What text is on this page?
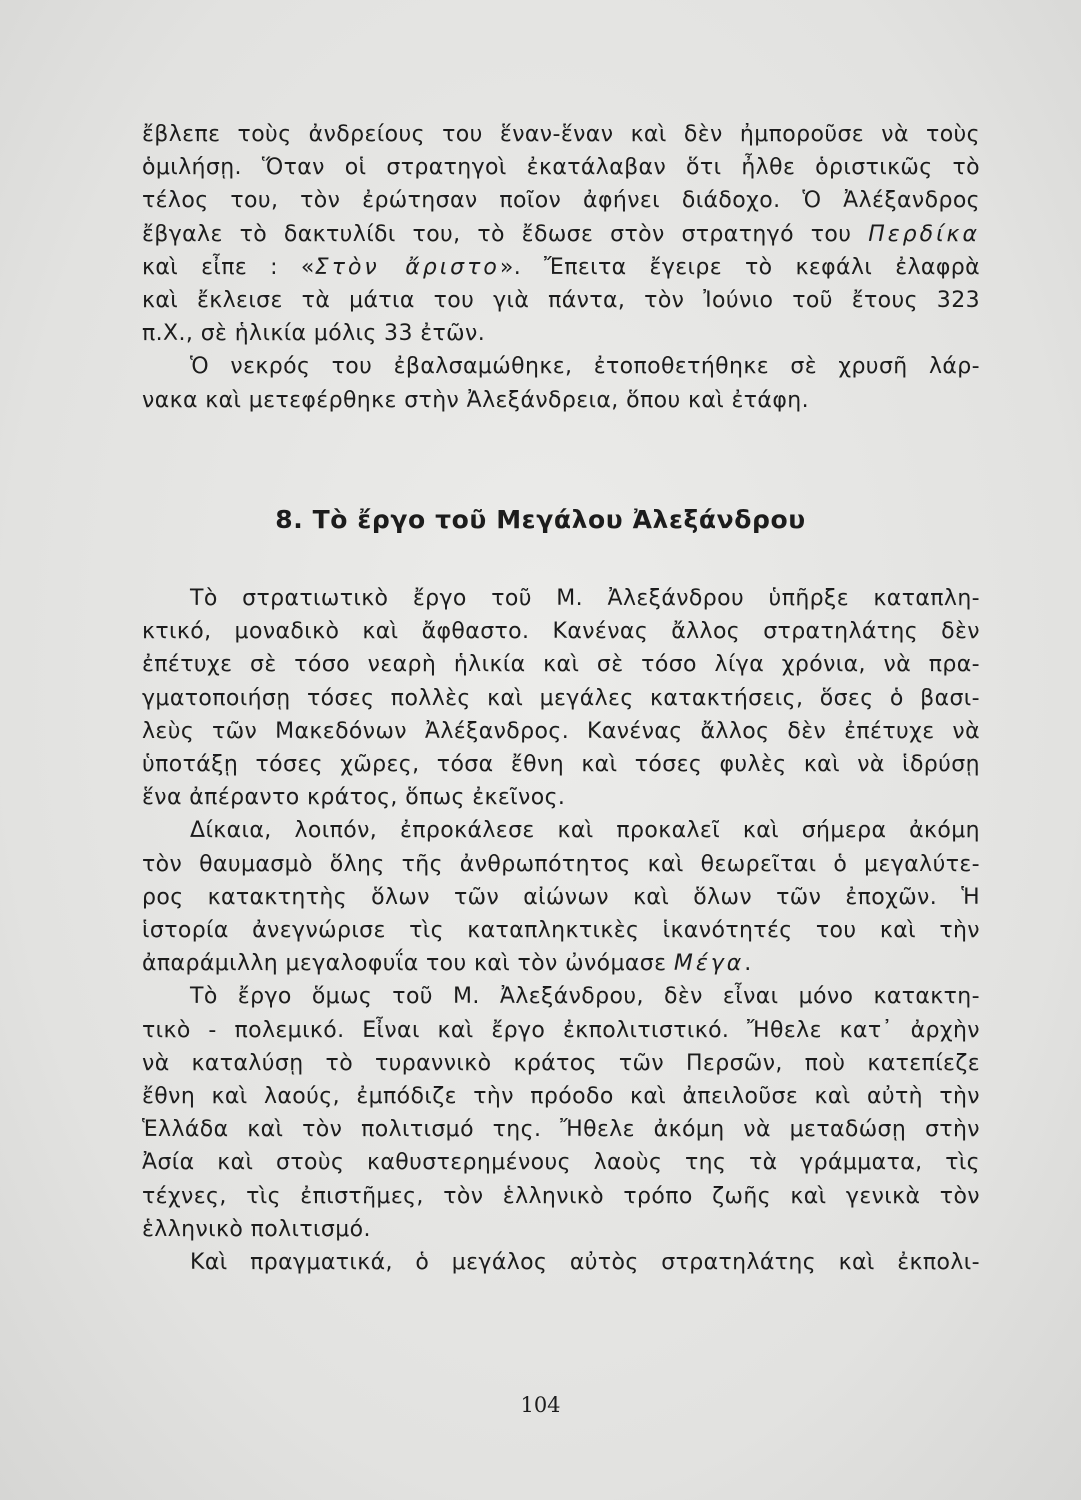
ἔβλεπε τοὺς ἀνδρείους του ἕναν-ἕναν καὶ δὲν ἠμποροῦσε νὰ τοὺς
ὁμιλήσῃ. Ὅταν οἱ στρατηγοὶ ἐκατάλαβαν ὅτι ἦλθε ὁριστικῶς τὸ
τέλος του, τὸν ἐρώτησαν ποῖον ἀφήνει διάδοχο. Ὁ Ἀλέξανδρος
ἔβγαλε τὸ δακτυλίδι του, τὸ ἔδωσε στὸν στρατηγό του Περδίκα
καὶ εἶπε : «Στὸν ἄριστο». Ἔπειτα ἔγειρε τὸ κεφάλι ἐλαφρὰ
καὶ ἔκλεισε τὰ μάτια του γιὰ πάντα, τὸν Ἰούνιο τοῦ ἔτους 323
π.Χ., σὲ ἡλικία μόλις 33 ἐτῶν.
Ὁ νεκρός του ἐβαλσαμώθηκε, ἐτοποθετήθηκε σὲ χρυσῆ λάρ-
νακα καὶ μετεφέρθηκε στὴν Ἀλεξάνδρεια, ὅπου καὶ ἐτάφη.
8. Τὸ ἔργο τοῦ Μεγάλου Ἀλεξάνδρου
Τὸ στρατιωτικὸ ἔργο τοῦ Μ. Ἀλεξάνδρου ὑπῆρξε καταπλη-
κτικό, μοναδικὸ καὶ ἄφθαστο. Κανένας ἄλλος στρατηλάτης δὲν
ἐπέτυχε σὲ τόσο νεαρὴ ἡλικία καὶ σὲ τόσο λίγα χρόνια, νὰ πρα-
γματοποιήσῃ τόσες πολλὲς καὶ μεγάλες κατακτήσεις, ὅσες ὁ βασι-
λεὺς τῶν Μακεδόνων Ἀλέξανδρος. Κανένας ἄλλος δὲν ἐπέτυχε νὰ
ὑποτάξῃ τόσες χῶρες, τόσα ἔθνη καὶ τόσες φυλὲς καὶ νὰ ἱδρύσῃ
ἕνα ἀπέραντο κράτος, ὅπως ἐκεῖνος.
Δίκαια, λοιπόν, ἐπροκάλεσε καὶ προκαλεῖ καὶ σήμερα ἀκόμη
τὸν θαυμασμὸ ὅλης τῆς ἀνθρωπότητος καὶ θεωρεῖται ὁ μεγαλύτε-
ρος κατακτητὴς ὅλων τῶν αἰώνων καὶ ὅλων τῶν ἐποχῶν. Ἡ
ἱστορία ἀνεγνώρισε τὶς καταπληκτικὲς ἱκανότητές του καὶ τὴν
ἀπαράμιλλη μεγαλοφυΐα του καὶ τὸν ὠνόμασε Μέγα.
Τὸ ἔργο ὅμως τοῦ Μ. Ἀλεξάνδρου, δὲν εἶναι μόνο κατακτη-
τικὸ - πολεμικό. Εἶναι καὶ ἔργο ἐκπολιτιστικό. Ἤθελε κατ᾽ ἀρχὴν
νὰ καταλύσῃ τὸ τυραννικὸ κράτος τῶν Περσῶν, ποὺ κατεπίεζε
ἔθνη καὶ λαούς, ἐμπόδιζε τὴν πρόοδο καὶ ἀπειλοῦσε καὶ αὐτὴ τὴν
Ἑλλάδα καὶ τὸν πολιτισμό της. Ἤθελε ἀκόμη νὰ μεταδώσῃ στὴν
Ἀσία καὶ στοὺς καθυστερημένους λαοὺς της τὰ γράμματα, τὶς
τέχνες, τὶς ἐπιστῆμες, τὸν ἑλληνικὸ τρόπο ζωῆς καὶ γενικὰ τὸν
ἑλληνικὸ πολιτισμό.
Καὶ πραγματικά, ὁ μεγάλος αὐτὸς στρατηλάτης καὶ ἐκπολι-
104
